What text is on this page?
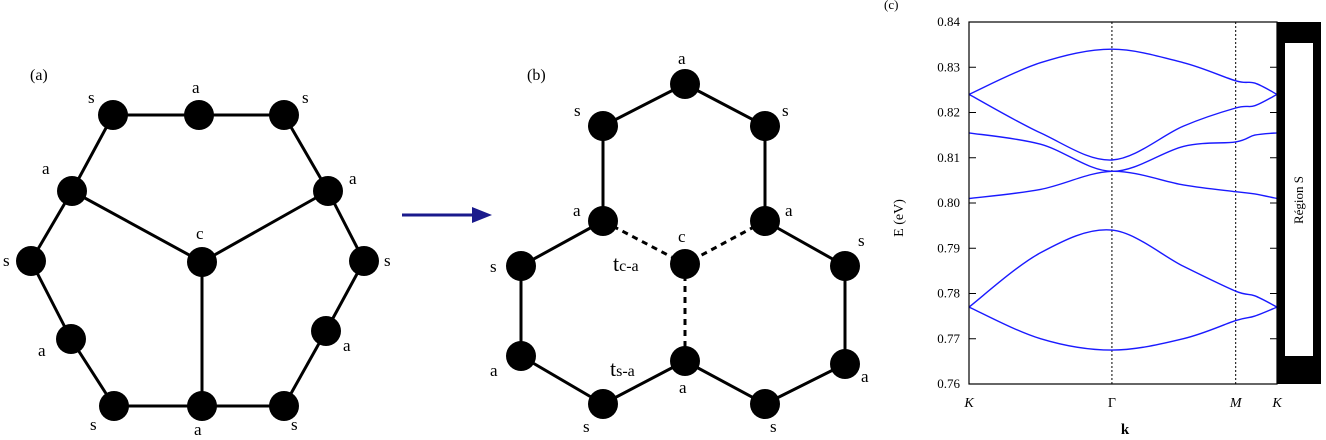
(a)
s
a
s
a
a
c
s	s
a	a
s	a	s
(b)
a
s	s
a	a
c
s
s
a
a
a
s	s
tc-a
ts-a
(c)
E (eV)
k
0.76
0.77
0.78
0.79
0.80
0.81
0.82
0.83
0.84
K	Γ	M K
Région S
